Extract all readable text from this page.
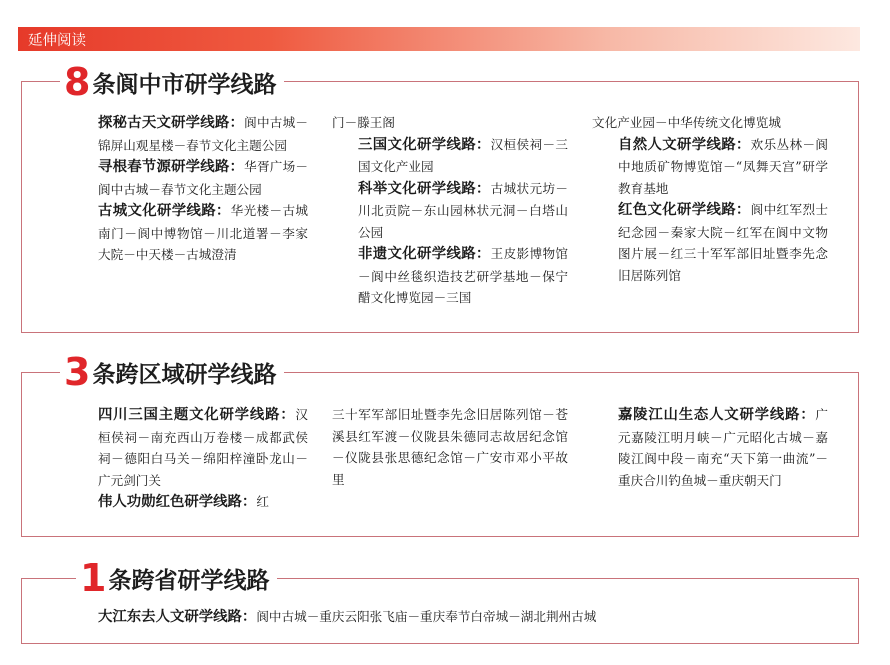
延伸阅读
8 条阆中市研学线路

探秘古天文研学线路：阆中古城－锦屏山观星楼－春节文化主题公园

寻根春节源研学线路：华胥广场－阆中古城－春节文化主题公园

古城文化研学线路：华光楼－古城南门－阆中博物馆－川北道署－李家大院－中天楼－古城澄清

门－滕王阁

三国文化研学线路：汉桓侯祠－三国文化产业园

科举文化研学线路：古城状元坊－川北贡院－东山园林状元洞－白塔山公园

非遗文化研学线路：王皮影博物馆－阆中丝毯织造技艺研学基地－保宁醋文化博览园－三国

文化产业园－中华传统文化博览城

自然人文研学线路：欢乐丛林－阆中地质矿物博览馆－“凤舞天宫”研学教育基地

红色文化研学线路：阆中红军烈士纪念园－秦家大院－红军在阆中文物图片展－红三十军军部旧址暨李先念旧居陈列馆

3 条跨区域研学线路

四川三国主题文化研学线路：汉桓侯祠－南充西山万卷楼－成都武侯祠－德阳白马关－绵阳梓潼卧龙山－广元剑门关

伟人功勋红色研学线路：红

三十军军部旧址暨李先念旧居陈列馆－苍溪县红军渡－仪陇县朱德同志故居纪念馆－仪陇县张思德纪念馆－广安市邓小平故里

嘉陵江山生态人文研学线路：广元嘉陵江明月峡－广元昭化古城－嘉陵江阆中段－南充“天下第一曲流”－重庆合川钓鱼城－重庆朝天门

1 条跨省研学线路
大江东去人文研学线路：阆中古城－重庆云阳张飞庙－重庆奉节白帝城－湖北荆州古城
